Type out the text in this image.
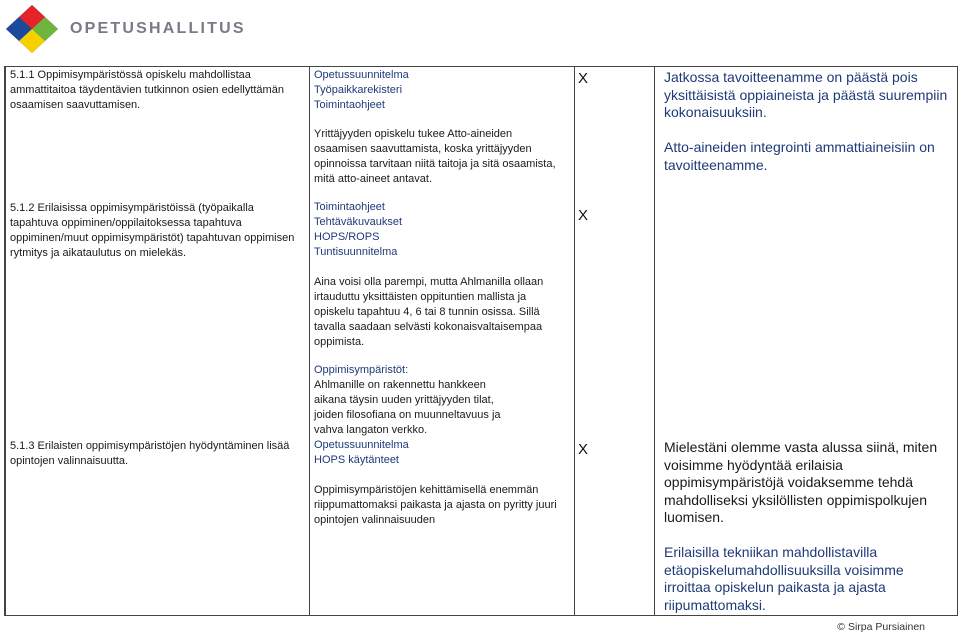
OPETUSHALLITUS
5.1.1 Oppimisympäristössä opiskelu mahdollistaa ammattitaitoa täydentävien tutkinnon osien edellyttämän osaamisen saavuttamisen.
5.1.2 Erilaisissa oppimisympäristöissä (työpaikalla tapahtuva oppiminen/oppilaitoksessa tapahtuva oppiminen/muut oppimisympäristöt) tapahtuvan oppimisen rytmitys ja aikataulutus on mielekäs.
5.1.3 Erilaisten oppimisympäristöjen hyödyntäminen lisää opintojen valinnaisuutta.
Opetussuunnitelma
Työpaikkarekisteri
Toimintaohjeet
Yrittäjyyden opiskelu tukee Atto-aineiden osaamisen saavuttamista, koska yrittäjyyden opinnoissa tarvitaan niitä taitoja ja sitä osaamista, mitä atto-aineet antavat.
Toimintaohjeet
Tehtäväkuvaukset
HOPS/ROPS
Tuntisuunnitelma
Aina voisi olla parempi, mutta Ahlmanilla ollaan irtauduttu yksittäisten oppituntien mallista ja opiskelu tapahtuu 4, 6 tai 8 tunnin osissa. Sillä tavalla saadaan selvästi kokonaisvaltaisempaa oppimista.
Oppimisympäristöt:
Ahlmanille on rakennettu hankkeen
aikana täysin uuden yrittäjyyden tilat,
joiden filosofiana on muunneltavuus ja
vahva langaton verkko.
Opetussuunnitelma
HOPS käytänteet
Oppimisympäristöjen kehittämisellä enemmän riippumattomaksi paikasta ja ajasta on pyritty juuri opintojen valinnaisuuden
X
X
X
Jatkossa tavoitteenamme on päästä pois yksittäisistä oppiaineista ja päästä suurempiin kokonaisuuksiin.
Atto-aineiden integrointi ammattiaineisiin on tavoitteenamme.
Mielestäni olemme vasta alussa siinä, miten voisimme hyödyntää erilaisia oppimisympäristöjä voidaksemme tehdä mahdolliseksi yksilöllisten oppimispolkujen luomisen.
Erilaisilla tekniikan mahdollistavilla etäopiskelumahdollisuuksilla voisimme irroittaa opiskelun paikasta ja ajasta riipumattomaksi.
© Sirpa Pursiainen
